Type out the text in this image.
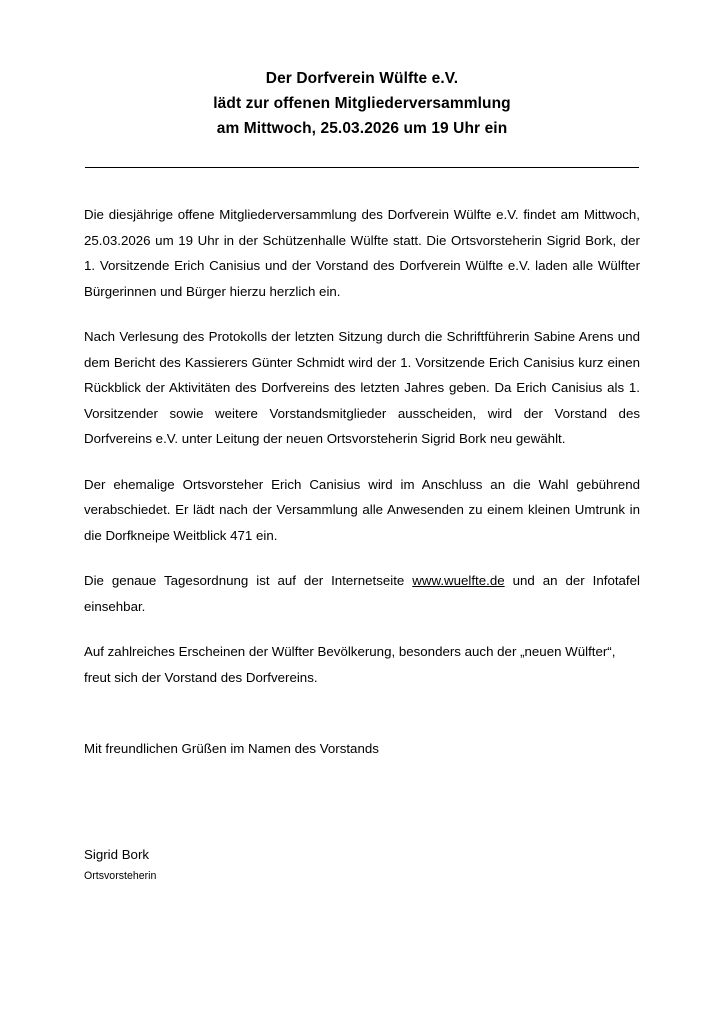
Der Dorfverein Wülfte e.V.
lädt zur offenen Mitgliederversammlung
am Mittwoch, 25.03.2026 um 19 Uhr ein

Die diesjährige offene Mitgliederversammlung des Dorfverein Wülfte e.V. findet am Mittwoch, 25.03.2026 um 19 Uhr in der Schützenhalle Wülfte statt. Die Ortsvorsteherin Sigrid Bork, der 1. Vorsitzende Erich Canisius und der Vorstand des Dorfverein Wülfte e.V. laden alle Wülfter Bürgerinnen und Bürger hierzu herzlich ein.

Nach Verlesung des Protokolls der letzten Sitzung durch die Schriftführerin Sabine Arens und dem Bericht des Kassierers Günter Schmidt wird der 1. Vorsitzende Erich Canisius kurz einen Rückblick der Aktivitäten des Dorfvereins des letzten Jahres geben. Da Erich Canisius als 1. Vorsitzender sowie weitere Vorstandsmitglieder ausscheiden, wird der Vorstand des Dorfvereins e.V. unter Leitung der neuen Ortsvorsteherin Sigrid Bork neu gewählt.

Der ehemalige Ortsvorsteher Erich Canisius wird im Anschluss an die Wahl gebührend verabschiedet. Er lädt nach der Versammlung alle Anwesenden zu einem kleinen Umtrunk in die Dorfkneipe Weitblick 471 ein.

Die genaue Tagesordnung ist auf der Internetseite www.wuelfte.de und an der Infotafel einsehbar.

Auf zahlreiches Erscheinen der Wülfter Bevölkerung, besonders auch der „neuen Wülfter“, freut sich der Vorstand des Dorfvereins.

Mit freundlichen Grüßen im Namen des Vorstands
Sigrid Bork
Ortsvorsteherin
